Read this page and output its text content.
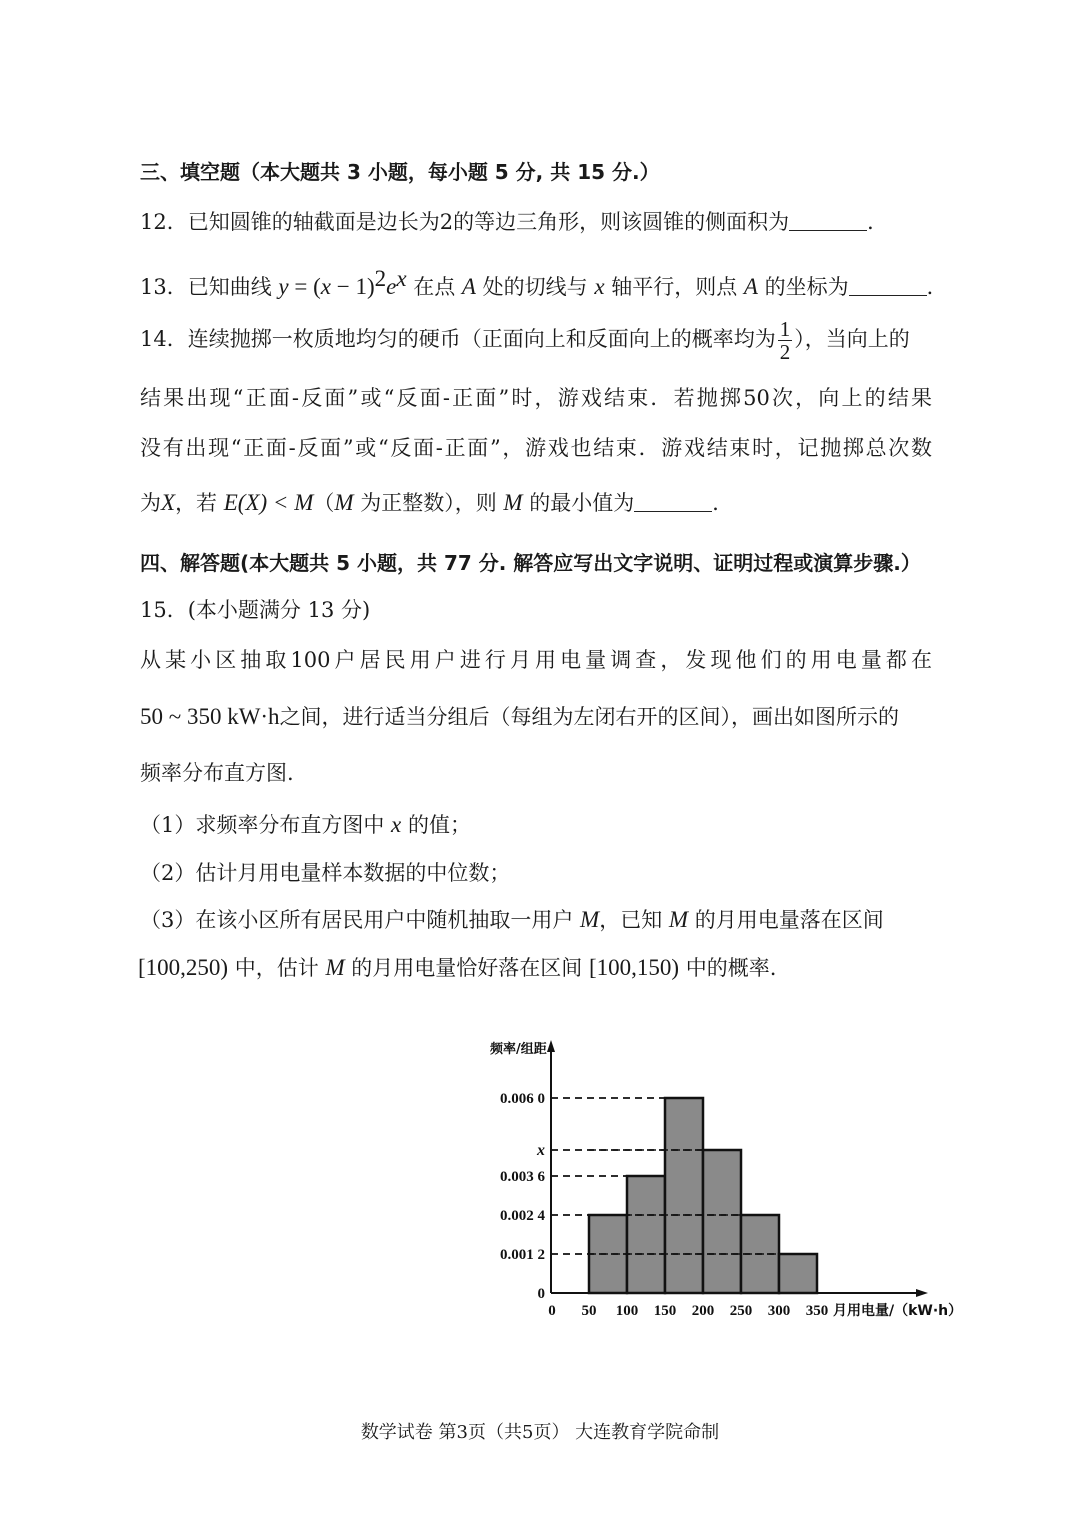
三、填空题（本大题共 3 小题，每小题 5 分, 共 15 分.）
12．已知圆锥的轴截面是边长为2的等边三角形，则该圆锥的侧面积为	．
13．已知曲线 $y = (x - 1)^2e^x$ 在点 A 处的切线与 x 轴平行，则点 A 的坐标为	．
14．连续抛掷一枚质地均匀的硬币（正面向上和反面向上的概率均为 $\frac{1}{2}$ ），当向上的
结果出现“正面-反面”或“反面-正面”时，游戏结束．若抛掷50次，向上的结果
没有出现“正面-反面”或“反面-正面”，游戏也结束．游戏结束时，记抛掷总次数
为X，若 E(X) < M（M 为正整数），则 M 的最小值为	．
四、解答题(本大题共 5 小题，共 77 分. 解答应写出文字说明、证明过程或演算步骤.）
15．(本小题满分 13 分)
从某小区抽取100户居民用户进行月用电量调查，发现他们的用电量都在
50 ~ 350 kW·h之间，进行适当分组后（每组为左闭右开的区间），画出如图所示的
频率分布直方图.
（1）求频率分布直方图中 x 的值；
（2）估计月用电量样本数据的中位数；
（3）在该小区所有居民用户中随机抽取一用户 M，已知 M 的月用电量落在区间
[100,250) 中，估计 M 的月用电量恰好落在区间 [100,150) 中的概率.
0
0.001 2
0.002 4
0.003 6
x
0.006 0
0 50 100 150 200 250 300 350 月用电量/（kW·h）
频率/组距
数学试卷 第3页（共5页） 大连教育学院命制
